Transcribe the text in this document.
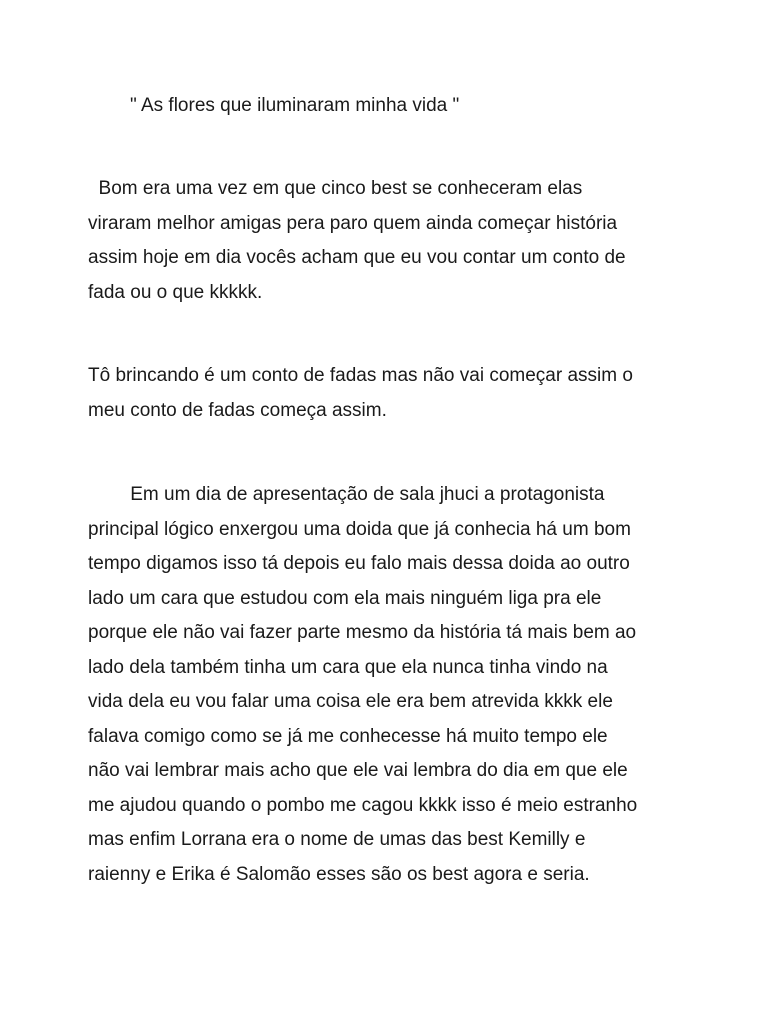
" As flores que iluminaram minha vida "

Bom era uma vez em que cinco best se conheceram elas
viraram melhor amigas pera paro quem ainda começar história
assim hoje em dia vocês acham que eu vou contar um conto de
fada ou o que kkkkk.

Tô brincando é um conto de fadas mas não vai começar assim o
meu conto de fadas começa assim.

Em um dia de apresentação de sala jhuci a protagonista
principal lógico enxergou uma doida que já conhecia há um bom
tempo digamos isso tá depois eu falo mais dessa doida ao outro
lado um cara que estudou com ela mais ninguém liga pra ele
porque ele não vai fazer parte mesmo da história tá mais bem ao
lado dela também tinha um cara que ela nunca tinha vindo na
vida dela eu vou falar uma coisa ele era bem atrevida kkkk ele
falava comigo como se já me conhecesse há muito tempo ele
não vai lembrar mais acho que ele vai lembra do dia em que ele
me ajudou quando o pombo me cagou kkkk isso é meio estranho
mas enfim Lorrana era o nome de umas das best Kemilly e
raienny e Erika é Salomão esses são os best agora e seria.
